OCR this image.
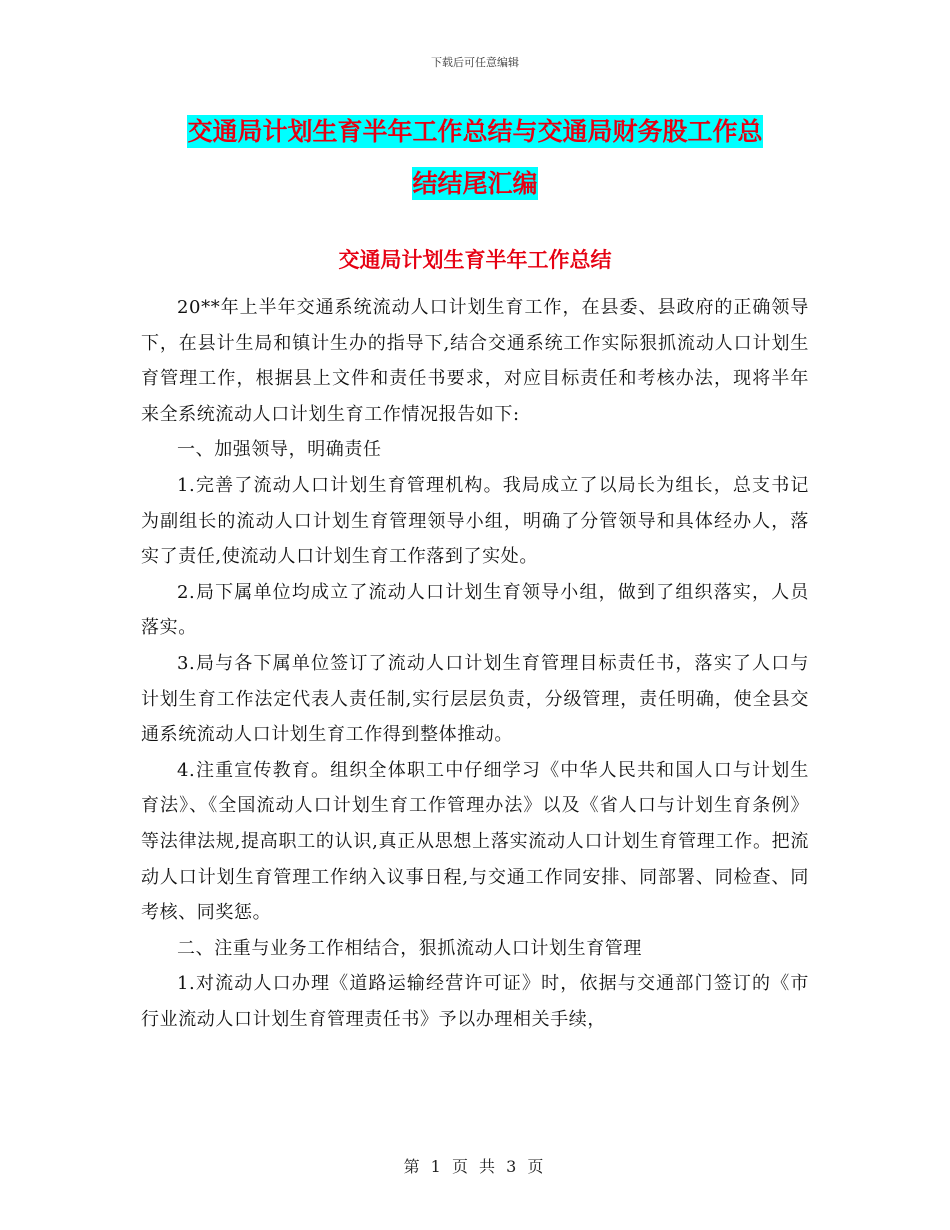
下载后可任意编辑
交通局计划生育半年工作总结与交通局财务股工作总
结结尾汇编
交通局计划生育半年工作总结

20**年上半年交通系统流动人口计划生育工作，在县委、县政府的正确领导下，在县计生局和镇计生办的指导下,结合交通系统工作实际狠抓流动人口计划生育管理工作，根据县上文件和责任书要求，对应目标责任和考核办法，现将半年来全系统流动人口计划生育工作情况报告如下:

一、加强领导，明确责任

1.完善了流动人口计划生育管理机构。我局成立了以局长为组长，总支书记为副组长的流动人口计划生育管理领导小组，明确了分管领导和具体经办人，落实了责任,使流动人口计划生育工作落到了实处。

2.局下属单位均成立了流动人口计划生育领导小组，做到了组织落实，人员落实。

3.局与各下属单位签订了流动人口计划生育管理目标责任书，落实了人口与计划生育工作法定代表人责任制,实行层层负责，分级管理，责任明确，使全县交通系统流动人口计划生育工作得到整体推动。

4.注重宣传教育。组织全体职工中仔细学习《中华人民共和国人口与计划生育法》、《全国流动人口计划生育工作管理办法》以及《省人口与计划生育条例》等法律法规,提高职工的认识,真正从思想上落实流动人口计划生育管理工作。把流动人口计划生育管理工作纳入议事日程,与交通工作同安排、同部署、同检查、同考核、同奖惩。

二、注重与业务工作相结合，狠抓流动人口计划生育管理

1.对流动人口办理《道路运输经营许可证》时，依据与交通部门签订的《市行业流动人口计划生育管理责任书》予以办理相关手续，

第 1 页 共 3 页
